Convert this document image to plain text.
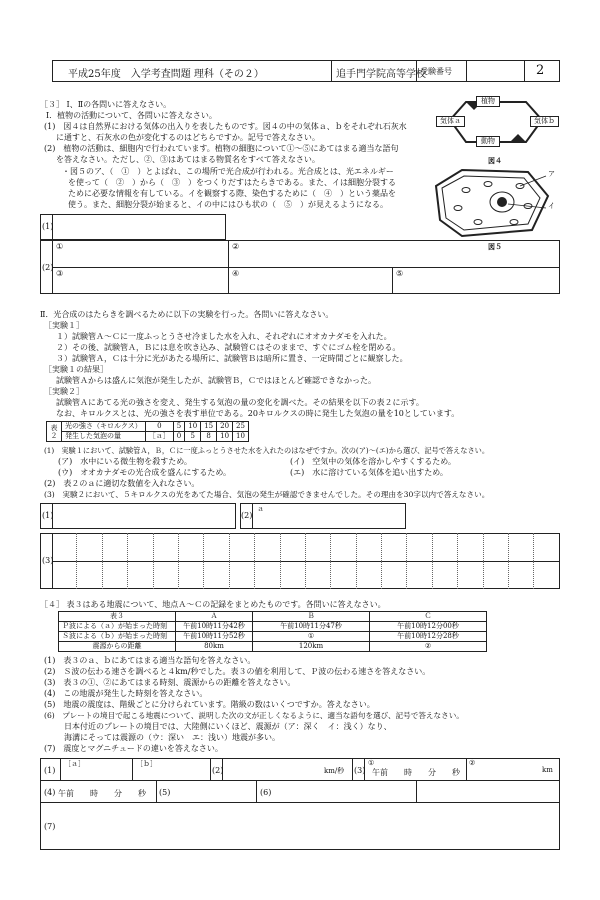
平成25年度　入学考査問題 理科（その２）	追手門学院高等学校
受験番号	2
［３］ Ⅰ、Ⅱの各問いに答えなさい。
Ⅰ．植物の活動について、各問いに答えなさい。
(1)　図４は自然界における気体の出入りを表したものです。図４の中の気体ａ、ｂをそれぞれ石灰水
に通すと、石灰水の色が変化するのはどちらですか。記号で答えなさい。
(2)　植物の活動は、細胞内で行われています。植物の細胞について①～⑤にあてはまる適当な語句
を答えなさい。ただし、②、③はあてはまる物質名をすべて答えなさい。
・図５のア、（　①　）とよばれ、この場所で光合成が行われる。光合成とは、光エネルギー
を使って（　②　）から（　③　）をつくりだすはたらきである。また、イは細胞分裂する
ために必要な情報を有している。イを観察する際、染色するために（　④　）という薬品を
使う。また、細胞分裂が始まると、イの中にはひも状の（　⑤　）が見えるようになる。
植物
動物
気体ａ	気体ｂ
図４
ア
イ
図５
(1)
(2)
①	②
③	④	⑤
Ⅱ．光合成のはたらきを調べるために以下の実験を行った。各問いに答えなさい。
［実験１］
１）試験管Ａ～Ｃに一度ふっとうさせ冷ました水を入れ、それぞれにオオカナダモを入れた。
２）その後、試験管Ａ，Ｂには息を吹き込み、試験管Ｃはそのままで、すぐにゴム栓を閉める。
３）試験管Ａ，Ｃは十分に光があたる場所に、試験管Ｂは暗所に置き、一定時間ごとに観察した。
［実験１の結果］
試験管Ａからは盛んに気泡が発生したが、試験管Ｂ，Ｃではほとんど確認できなかった。
［実験２］
試験管Ａにあてる光の強さを変え、発生する気泡の量の変化を調べた。その結果を以下の表２に示す。
なお、キロルクスとは、光の強さを表す単位である。20キロルクスの時に発生した気泡の量を10としています。
表２	光の強さ（キロルクス）	0	5	10	15	20	25
	発生した気泡の量	［ａ］	0	5	8	10	10
(1)　実験１において、試験管Ａ，Ｂ，Ｃに一度ふっとうさせた水を入れたのはなぜですか。次の(ア)～(エ)から選び、記号で答えなさい。
(ア)　水中にいる微生物を殺すため。	(イ)　空気中の気体を溶かしやすくするため。
(ウ)　オオカナダモの光合成を盛んにするため。	(エ)　水に溶けている気体を追い出すため。
(2)　表２のａに適切な数値を入れなさい。
(3)　実験２において、５キロルクスの光をあてた場合、気泡の発生が確認できませんでした。その理由を30字以内で答えなさい。
(1)	(2)
ａ
(3)
［４］ 表３はある地震について、地点Ａ～Ｃの記録をまとめたものです。各問いに答えなさい。
表３	Ａ	Ｂ	Ｃ
Ｐ波による（ａ）が始まった時刻	午前10時11分42秒	午前10時11分47秒	午前10時12分00秒
Ｓ波による（ｂ）が始まった時刻	午前10時11分52秒	①	午前10時12分28秒
震源からの距離	80km	120km	②
(1)　表３のａ、ｂにあてはまる適当な語句を答えなさい。
(2)　Ｓ波の伝わる速さを調べると４km/秒でした。表３の値を利用して、Ｐ波の伝わる速さを答えなさい。
(3)　表３の①、②にあてはまる時刻、震源からの距離を答えなさい。
(4)　この地震が発生した時刻を答えなさい。
(5)　地震の震度は、階級ごとに分けられています。階級の数はいくつですか。答えなさい。
(6)　プレートの境目で起こる地震について、説明した次の文が正しくなるように、適当な語句を選び、記号で答えなさい。
日本付近のプレートの境目では、大陸側にいくほど、震源が（ア：深く　イ：浅く）なり、
海溝にそっては震源の（ウ：深い　エ：浅い）地震が多い。
(7)　震度とマグニチュードの違いを答えなさい。
(1)
［ａ］	［ｂ］
(2)	km/秒 (3)
①
午前　　時　　分　　秒
②
km
(4) 午前　　時　　分　　秒 (5)	(6)
(7)
